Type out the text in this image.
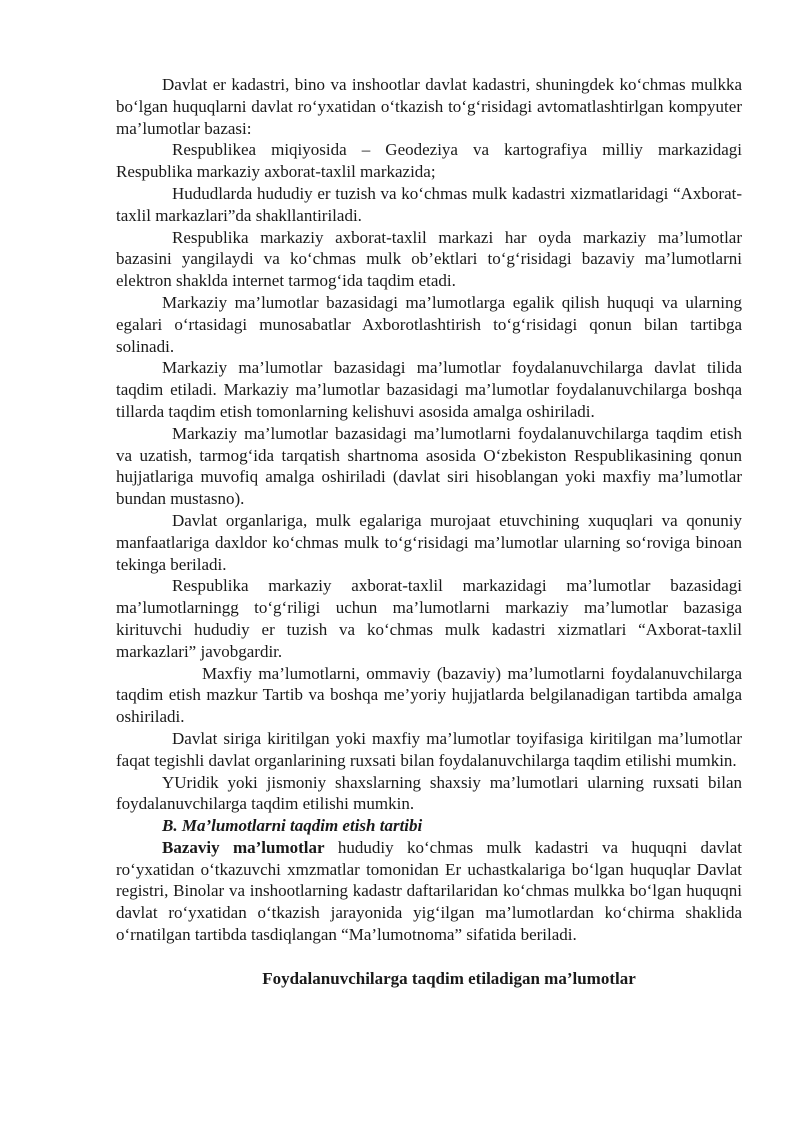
Davlat er kadastri, bino va inshootlar davlat kadastri, shuningdek ko‘chmas mulkka bo‘lgan huquqlarni davlat ro‘yxatidan o‘tkazish to‘g‘risidagi avtomatlashtirlgan kompyuter ma’lumotlar bazasi:

Respublikea miqiyosida – Geodeziya va kartografiya milliy markazidagi Respublika markaziy axborat-taxlil markazida;

Hududlarda hududiy er tuzish va ko‘chmas mulk kadastri xizmatlaridagi “Axborat-taxlil markazlari”da shakllantiriladi.

Respublika markaziy axborat-taxlil markazi har oyda markaziy ma’lumotlar bazasini yangilaydi va ko‘chmas mulk ob’ektlari to‘g‘risidagi bazaviy ma’lumotlarni elektron shaklda internet tarmog‘ida taqdim etadi.

Markaziy ma’lumotlar bazasidagi ma’lumotlarga egalik qilish huquqi va ularning egalari o‘rtasidagi munosabatlar Axborotlashtirish to‘g‘risidagi qonun bilan tartibga solinadi.

Markaziy ma’lumotlar bazasidagi ma’lumotlar foydalanuvchilarga davlat tilida taqdim etiladi. Markaziy ma’lumotlar bazasidagi ma’lumotlar foydalanuvchilarga boshqa tillarda taqdim etish tomonlarning kelishuvi asosida amalga oshiriladi.

Markaziy ma’lumotlar bazasidagi ma’lumotlarni foydalanuvchilarga taqdim etish va uzatish, tarmog‘ida tarqatish shartnoma asosida O‘zbekiston Respublikasining qonun hujjatlariga muvofiq amalga oshiriladi (davlat siri hisoblangan yoki maxfiy ma’lumotlar bundan mustasno).

Davlat organlariga, mulk egalariga murojaat etuvchining xuquqlari va qonuniy manfaatlariga daxldor ko‘chmas mulk to‘g‘risidagi ma’lumotlar ularning so‘roviga binoan tekinga beriladi.

Respublika markaziy axborat-taxlil markazidagi ma’lumotlar bazasidagi ma’lumotlarningg to‘g‘riligi uchun ma’lumotlarni markaziy ma’lumotlar bazasiga kirituvchi hududiy er tuzish va ko‘chmas mulk kadastri xizmatlari “Axborat-taxlil markazlari” javobgardir.

Maxfiy ma’lumotlarni, ommaviy (bazaviy) ma’lumotlarni foydalanuvchilarga taqdim etish mazkur Tartib va boshqa me’yoriy hujjatlarda belgilanadigan tartibda amalga oshiriladi.

Davlat siriga kiritilgan yoki maxfiy ma’lumotlar toyifasiga kiritilgan ma’lumotlar faqat tegishli davlat organlarining ruxsati bilan foydalanuvchilarga taqdim etilishi mumkin.

YUridik yoki jismoniy shaxslarning shaxsiy ma’lumotlari ularning ruxsati bilan foydalanuvchilarga taqdim etilishi mumkin.

B. Ma’lumotlarni taqdim etish tartibi

Bazaviy ma’lumotlar hududiy ko‘chmas mulk kadastri va huquqni davlat ro‘yxatidan o‘tkazuvchi xmzmatlar tomonidan Er uchastkalariga bo‘lgan huquqlar Davlat registri, Binolar va inshootlarning kadastr daftarilaridan ko‘chmas mulkka bo‘lgan huquqni davlat ro‘yxatidan o‘tkazish jarayonida yig‘ilgan ma’lumotlardan ko‘chirma shaklida o‘rnatilgan tartibda tasdiqlangan “Ma’lumotnoma” sifatida beriladi.

Foydalanuvchilarga taqdim etiladigan ma’lumotlar
